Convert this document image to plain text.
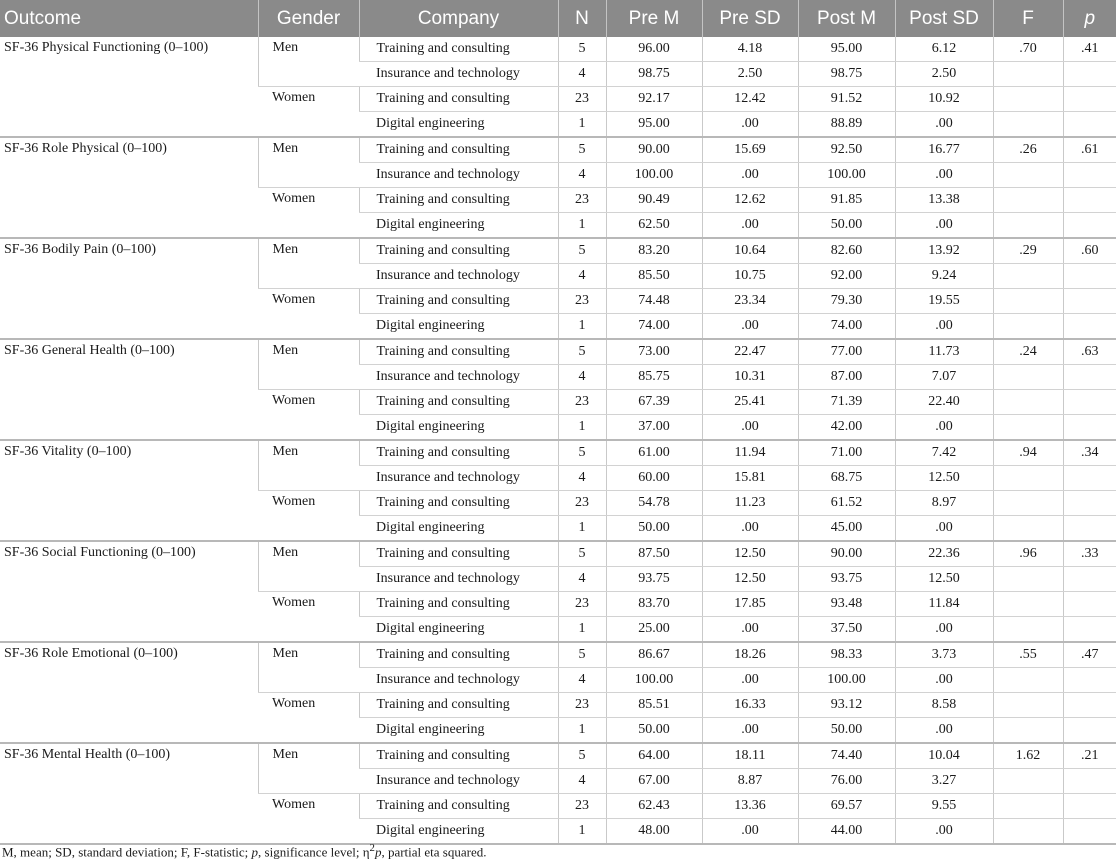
Outcome	Gender	Company	N	Pre M	Pre SD	Post M	Post SD	F	p
SF-36 Physical Functioning (0–100)	Men	Training and consulting	5	96.00	4.18	95.00	6.12	.70	.41
		Insurance and technology	4	98.75	2.50	98.75	2.50		
	Women	Training and consulting	23	92.17	12.42	91.52	10.92		
		Digital engineering	1	95.00	.00	88.89	.00		
SF-36 Role Physical (0–100)	Men	Training and consulting	5	90.00	15.69	92.50	16.77	.26	.61
		Insurance and technology	4	100.00	.00	100.00	.00		
	Women	Training and consulting	23	90.49	12.62	91.85	13.38		
		Digital engineering	1	62.50	.00	50.00	.00		
SF-36 Bodily Pain (0–100)	Men	Training and consulting	5	83.20	10.64	82.60	13.92	.29	.60
		Insurance and technology	4	85.50	10.75	92.00	9.24		
	Women	Training and consulting	23	74.48	23.34	79.30	19.55		
		Digital engineering	1	74.00	.00	74.00	.00		
SF-36 General Health (0–100)	Men	Training and consulting	5	73.00	22.47	77.00	11.73	.24	.63
		Insurance and technology	4	85.75	10.31	87.00	7.07		
	Women	Training and consulting	23	67.39	25.41	71.39	22.40		
		Digital engineering	1	37.00	.00	42.00	.00		
SF-36 Vitality (0–100)	Men	Training and consulting	5	61.00	11.94	71.00	7.42	.94	.34
		Insurance and technology	4	60.00	15.81	68.75	12.50		
	Women	Training and consulting	23	54.78	11.23	61.52	8.97		
		Digital engineering	1	50.00	.00	45.00	.00		
SF-36 Social Functioning (0–100)	Men	Training and consulting	5	87.50	12.50	90.00	22.36	.96	.33
		Insurance and technology	4	93.75	12.50	93.75	12.50		
	Women	Training and consulting	23	83.70	17.85	93.48	11.84		
		Digital engineering	1	25.00	.00	37.50	.00		
SF-36 Role Emotional (0–100)	Men	Training and consulting	5	86.67	18.26	98.33	3.73	.55	.47
		Insurance and technology	4	100.00	.00	100.00	.00		
	Women	Training and consulting	23	85.51	16.33	93.12	8.58		
		Digital engineering	1	50.00	.00	50.00	.00		
SF-36 Mental Health (0–100)	Men	Training and consulting	5	64.00	18.11	74.40	10.04	1.62	.21
		Insurance and technology	4	67.00	8.87	76.00	3.27		
	Women	Training and consulting	23	62.43	13.36	69.57	9.55		
		Digital engineering	1	48.00	.00	44.00	.00		
M, mean; SD, standard deviation; F, F-statistic; p, significance level; $\eta^2p$, partial eta squared.
